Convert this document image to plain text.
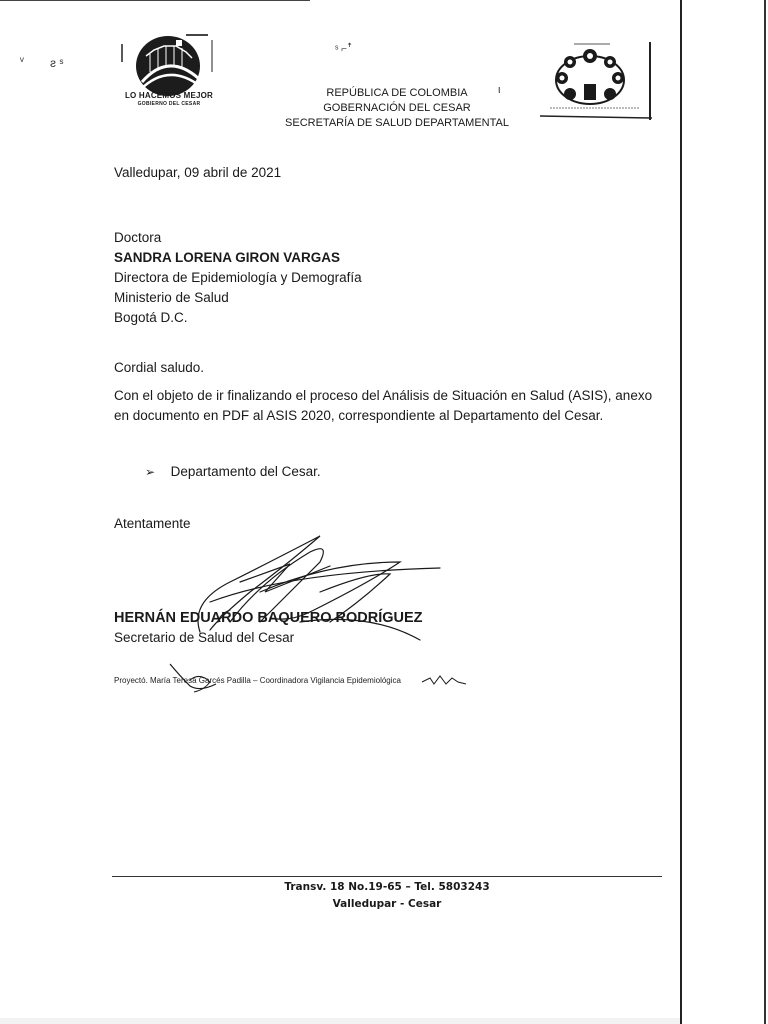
ᵛ ƨ ˢ
ˢ ⌐ꜛ
ι
LO HACEMOS MEJOR
GOBIERNO DEL CESAR
REPÚBLICA DE COLOMBIA
GOBERNACIÓN DEL CESAR
SECRETARÍA DE SALUD DEPARTAMENTAL
Valledupar, 09 abril de 2021
Doctora
SANDRA LORENA GIRON VARGAS
Directora de Epidemiología y Demografía
Ministerio de Salud
Bogotá D.C.
Cordial saludo.
Con el objeto de ir finalizando el proceso del Análisis de Situación en Salud (ASIS), anexo en documento en PDF al ASIS 2020, correspondiente al Departamento del Cesar.
➢ Departamento del Cesar.
Atentamente
HERNÁN EDUARDO BAQUERO RODRÍGUEZ
Secretario de Salud del Cesar
Proyectó. María Teresa Garcés Padilla – Coordinadora Vigilancia Epidemiológica
Transv. 18 No.19-65 – Tel. 5803243
Valledupar - Cesar
